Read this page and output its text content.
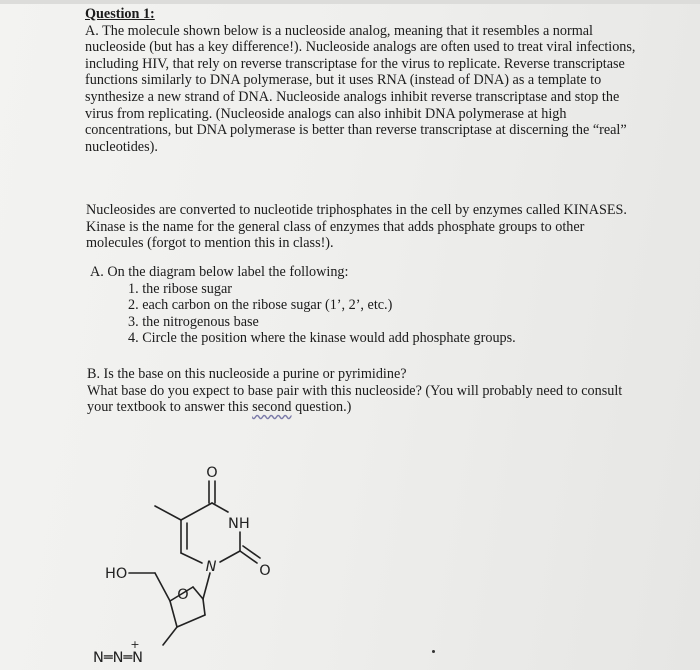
Question 1:
A. The molecule shown below is a nucleoside analog, meaning that it resembles a normal
nucleoside (but has a key difference!). Nucleoside analogs are often used to treat viral infections,
including HIV, that rely on reverse transcriptase for the virus to replicate. Reverse transcriptase
functions similarly to DNA polymerase, but it uses RNA (instead of DNA) as a template to
synthesize a new strand of DNA. Nucleoside analogs inhibit reverse transcriptase and stop the
virus from replicating. (Nucleoside analogs can also inhibit DNA polymerase at high
concentrations, but DNA polymerase is better than reverse transcriptase at discerning the “real”
nucleotides).
Nucleosides are converted to nucleotide triphosphates in the cell by enzymes called KINASES.
Kinase is the name for the general class of enzymes that adds phosphate groups to other
molecules (forgot to mention this in class!).
A. On the diagram below label the following:
1. the ribose sugar
2. each carbon on the ribose sugar (1’, 2’, etc.)
3. the nitrogenous base
4. Circle the position where the kinase would add phosphate groups.
B. Is the base on this nucleoside a purine or pyrimidine?
What base do you expect to base pair with this nucleoside? (You will probably need to consult
your textbook to answer this second question.)
O
NH
N	O
HO
O
N═N═N
+
